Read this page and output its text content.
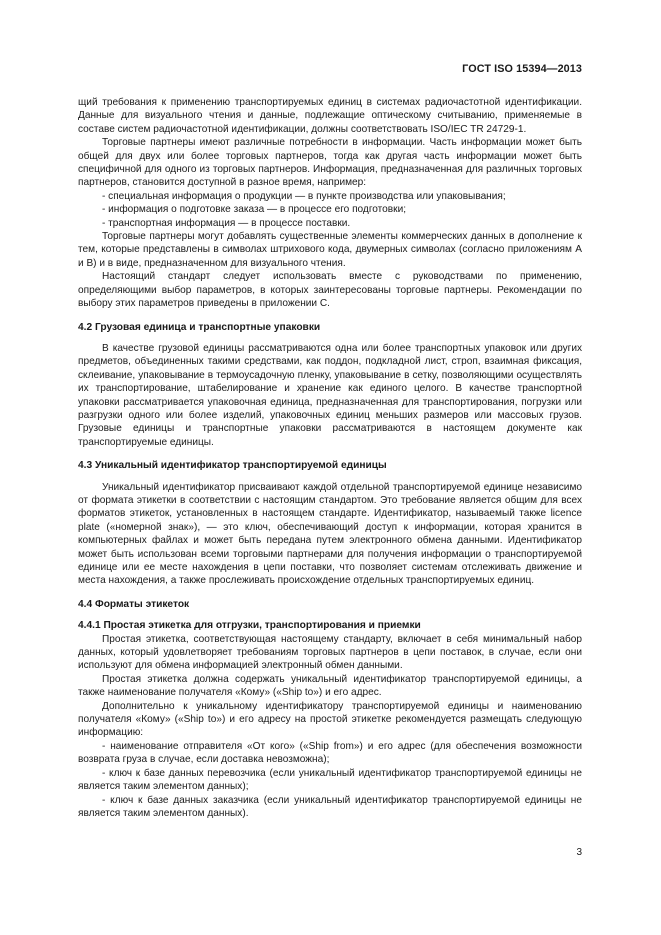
ГОСТ ISO 15394—2013

щий требования к применению транспортируемых единиц в системах радиочастотной идентификации. Данные для визуального чтения и данные, подлежащие оптическому считыванию, применяемые в составе систем радиочастотной идентификации, должны соответствовать ISO/IEC TR 24729-1.

Торговые партнеры имеют различные потребности в информации. Часть информации может быть общей для двух или более торговых партнеров, тогда как другая часть информации может быть специфичной для одного из торговых партнеров. Информация, предназначенная для различных торговых партнеров, становится доступной в разное время, например:

- специальная информация о продукции — в пункте производства или упаковывания;

- информация о подготовке заказа — в процессе его подготовки;

- транспортная информация — в процессе поставки.

Торговые партнеры могут добавлять существенные элементы коммерческих данных в дополнение к тем, которые представлены в символах штрихового кода, двумерных символах (согласно приложениям А и В) и в виде, предназначенном для визуального чтения.

Настоящий стандарт следует использовать вместе с руководствами по применению, определяющими выбор параметров, в которых заинтересованы торговые партнеры. Рекомендации по выбору этих параметров приведены в приложении С.

4.2 Грузовая единица и транспортные упаковки

В качестве грузовой единицы рассматриваются одна или более транспортных упаковок или других предметов, объединенных такими средствами, как поддон, подкладной лист, строп, взаимная фиксация, склеивание, упаковывание в термоусадочную пленку, упаковывание в сетку, позволяющими осуществлять их транспортирование, штабелирование и хранение как единого целого. В качестве транспортной упаковки рассматривается упаковочная единица, предназначенная для транспортирования, погрузки или разгрузки одного или более изделий, упаковочных единиц меньших размеров или массовых грузов. Грузовые единицы и транспортные упаковки рассматриваются в настоящем документе как транспортируемые единицы.

4.3 Уникальный идентификатор транспортируемой единицы

Уникальный идентификатор присваивают каждой отдельной транспортируемой единице независимо от формата этикетки в соответствии с настоящим стандартом. Это требование является общим для всех форматов этикеток, установленных в настоящем стандарте. Идентификатор, называемый также licence plate («номерной знак»), — это ключ, обеспечивающий доступ к информации, которая хранится в компьютерных файлах и может быть передана путем электронного обмена данными. Идентификатор может быть использован всеми торговыми партнерами для получения информации о транспортируемой единице или ее месте нахождения в цепи поставки, что позволяет системам отслеживать движение и места нахождения, а также прослеживать происхождение отдельных транспортируемых единиц.

4.4 Форматы этикеток
4.4.1 Простая этикетка для отгрузки, транспортирования и приемки

Простая этикетка, соответствующая настоящему стандарту, включает в себя минимальный набор данных, который удовлетворяет требованиям торговых партнеров в цепи поставок, в случае, если они используют для обмена информацией электронный обмен данными.

Простая этикетка должна содержать уникальный идентификатор транспортируемой единицы, а также наименование получателя «Кому» («Ship to») и его адрес.

Дополнительно к уникальному идентификатору транспортируемой единицы и наименованию получателя «Кому» («Ship to») и его адресу на простой этикетке рекомендуется размещать следующую информацию:

- наименование отправителя «От кого» («Ship from») и его адрес (для обеспечения возможности возврата груза в случае, если доставка невозможна);

- ключ к базе данных перевозчика (если уникальный идентификатор транспортируемой единицы не является таким элементом данных);

- ключ к базе данных заказчика (если уникальный идентификатор транспортируемой единицы не является таким элементом данных).

3
